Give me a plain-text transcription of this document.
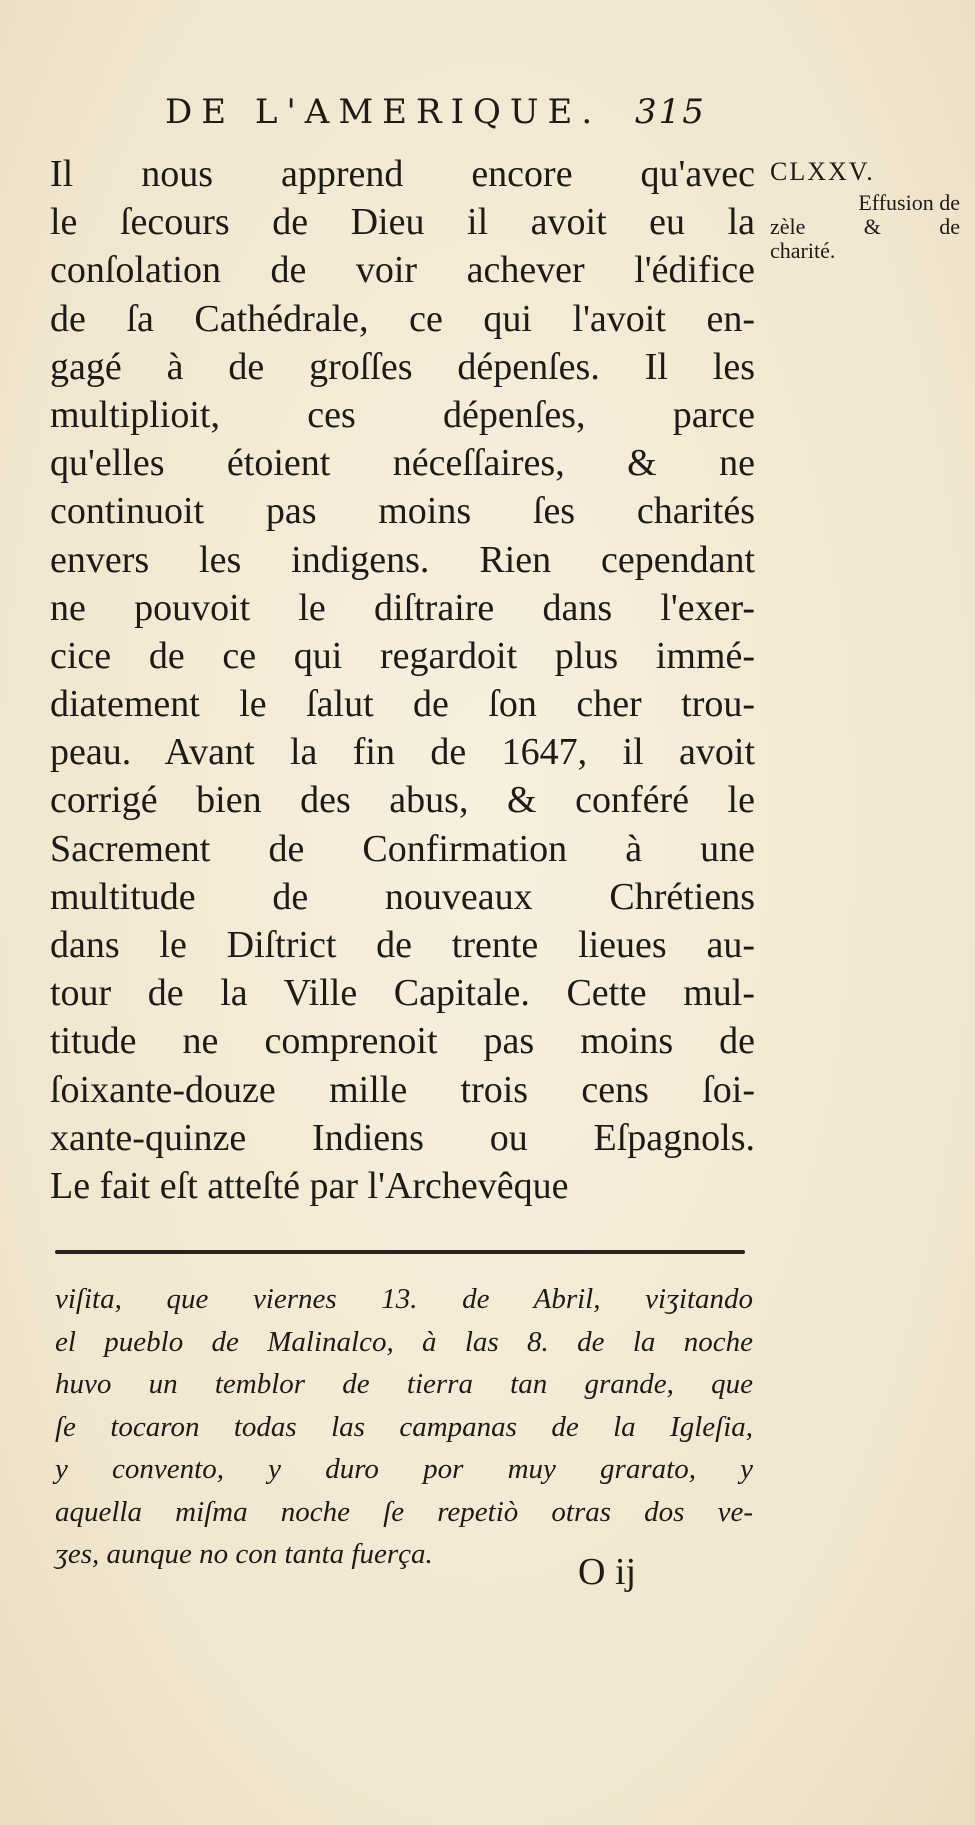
DE L'AMERIQUE. 315
CLXXV.
Effusion de
zèle & de
charité.
Il nous apprend encore qu'avec
le ſecours de Dieu il avoit eu la
conſolation de voir achever l'édifice
de ſa Cathédrale, ce qui l'avoit en-
gagé à de groſſes dépenſes. Il les
multiplioit, ces dépenſes, parce
qu'elles étoient néceſſaires, & ne
continuoit pas moins ſes charités
envers les indigens. Rien cependant
ne pouvoit le diſtraire dans l'exer-
cice de ce qui regardoit plus immé-
diatement le ſalut de ſon cher trou-
peau. Avant la fin de 1647, il avoit
corrigé bien des abus, & conféré le
Sacrement de Confirmation à une
multitude de nouveaux Chrétiens
dans le Diſtrict de trente lieues au-
tour de la Ville Capitale. Cette mul-
titude ne comprenoit pas moins de
ſoixante-douze mille trois cens ſoi-
xante-quinze Indiens ou Eſpagnols.
Le fait eſt atteſté par l'Archevêque
viſita, que viernes 13. de Abril, viʒitando
el pueblo de Malinalco, à las 8. de la noche
huvo un temblor de tierra tan grande, que
ſe tocaron todas las campanas de la Igleſia,
y convento, y duro por muy grarato, y
aquella miſma noche ſe repetiò otras dos ve-
ʒes, aunque no con tanta fuerça.	O ij
